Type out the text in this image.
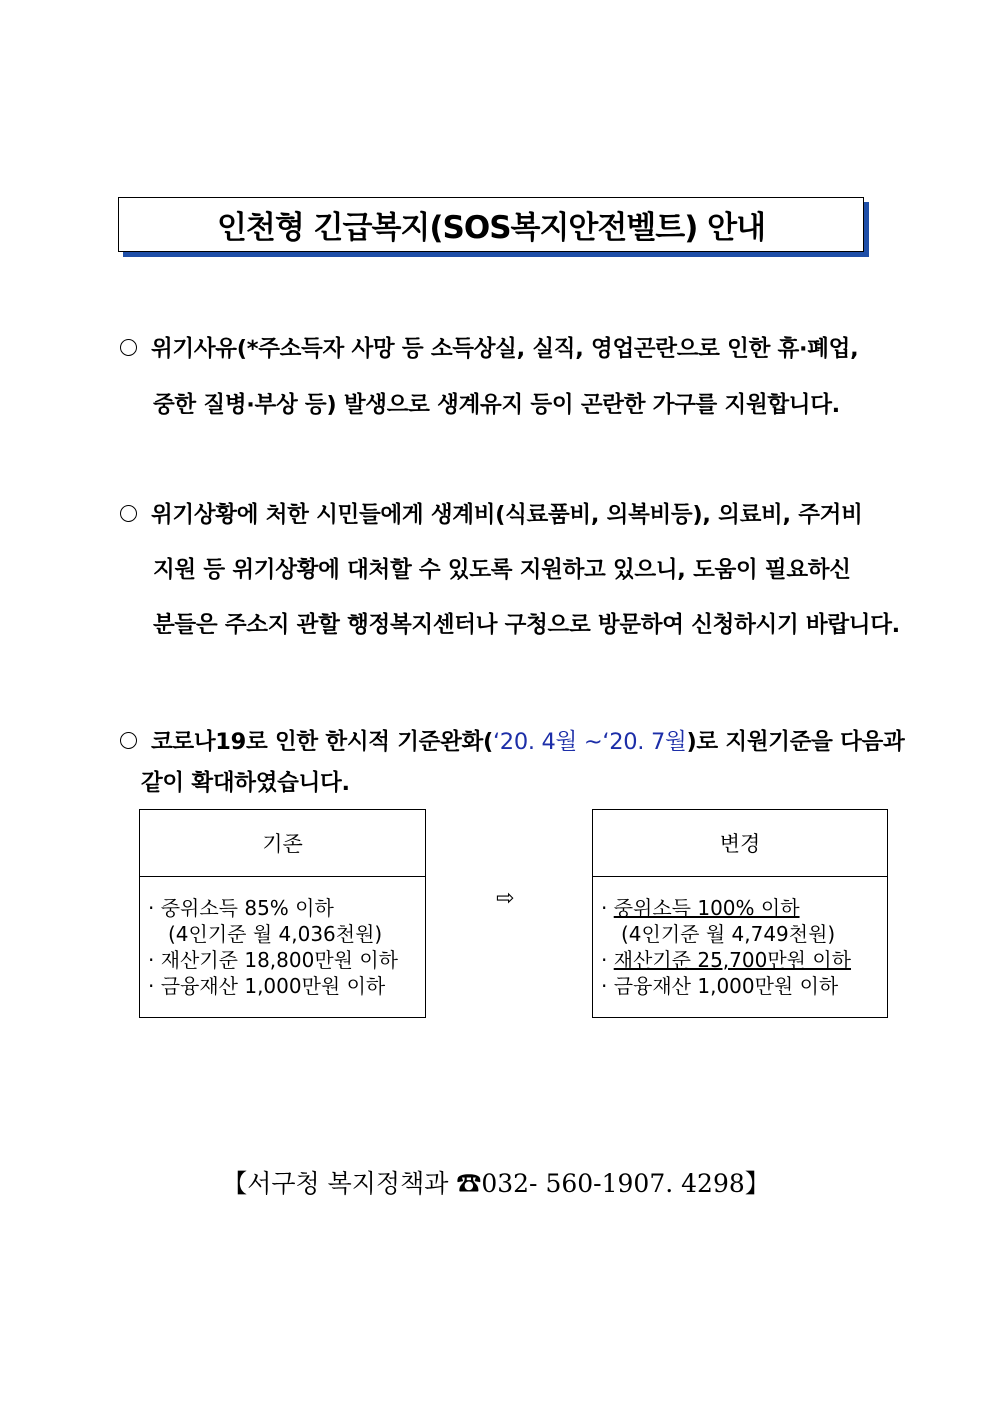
인천형 긴급복지(SOS복지안전벨트) 안내
위기사유(*주소득자 사망 등 소득상실, 실직, 영업곤란으로 인한 휴·폐업,
중한 질병·부상 등) 발생으로 생계유지 등이 곤란한 가구를 지원합니다.
위기상황에 처한 시민들에게 생계비(식료품비, 의복비등), 의료비, 주거비
지원 등 위기상황에 대처할 수 있도록 지원하고 있으니, 도움이 필요하신
분들은 주소지 관할 행정복지센터나 구청으로 방문하여 신청하시기 바랍니다.
코로나19로 인한 한시적 기준완화(‘20. 4월 ~‘20. 7월)로 지원기준을 다음과
같이 확대하였습니다.
기존
· 중위소득 85% 이하
(4인기준 월 4,036천원)
· 재산기준 18,800만원 이하
· 금융재산 1,000만원 이하
⇨
변경
· 중위소득 100% 이하
(4인기준 월 4,749천원)
· 재산기준 25,700만원 이하
· 금융재산 1,000만원 이하
【서구청 복지정책과 ☎032- 560-1907. 4298】
